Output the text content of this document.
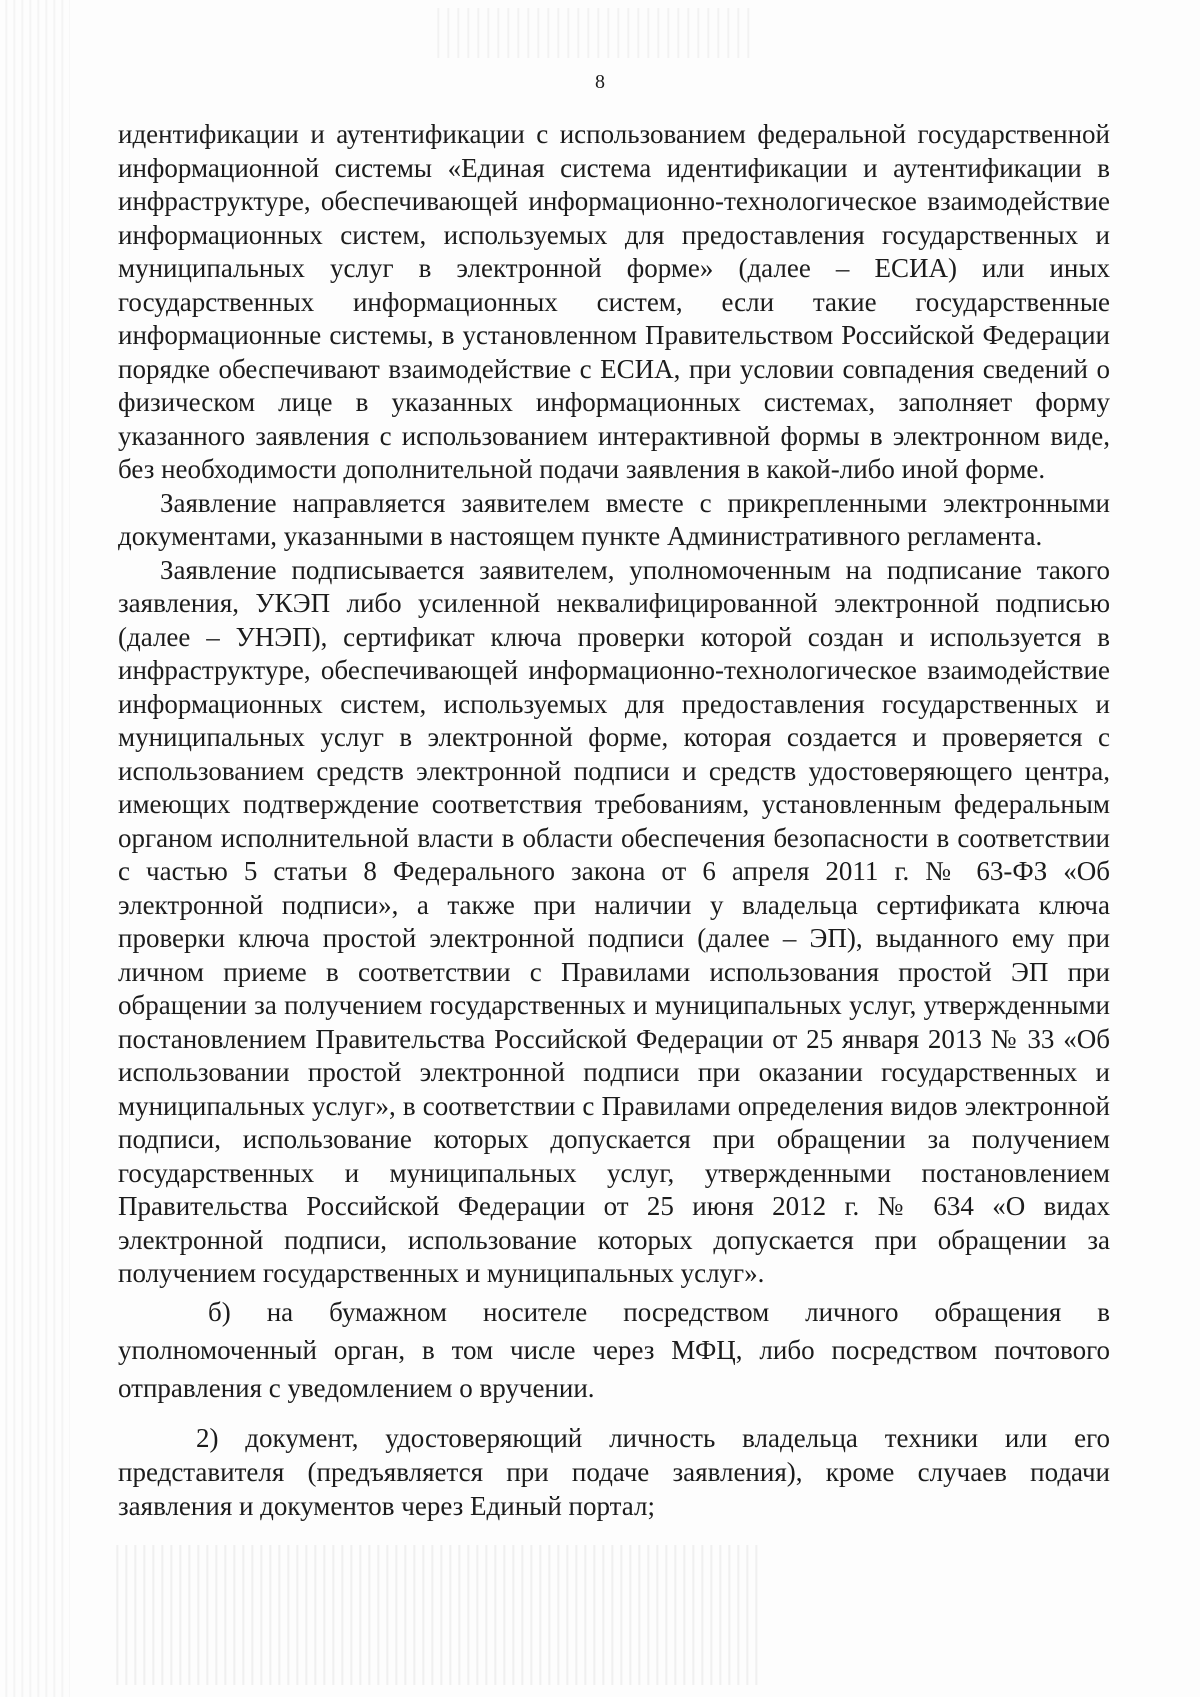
8

идентификации и аутентификации с использованием федеральной государственной информационной системы «Единая система идентификации и аутентификации в инфраструктуре, обеспечивающей информационно-технологическое взаимодействие информационных систем, используемых для предоставления государственных и муниципальных услуг в электронной форме» (далее – ЕСИА) или иных государственных информационных систем, если такие государственные информационные системы, в установленном Правительством Российской Федерации порядке обеспечивают взаимодействие с ЕСИА, при условии совпадения сведений о физическом лице в указанных информационных системах, заполняет форму указанного заявления с использованием интерактивной формы в электронном виде, без необходимости дополнительной подачи заявления в какой-либо иной форме.

Заявление направляется заявителем вместе с прикрепленными электронными документами, указанными в настоящем пункте Административного регламента.

Заявление подписывается заявителем, уполномоченным на подписание такого заявления, УКЭП либо усиленной неквалифицированной электронной подписью (далее – УНЭП), сертификат ключа проверки которой создан и используется в инфраструктуре, обеспечивающей информационно-технологическое взаимодействие информационных систем, используемых для предоставления государственных и муниципальных услуг в электронной форме, которая создается и проверяется с использованием средств электронной подписи и средств удостоверяющего центра, имеющих подтверждение соответствия требованиям, установленным федеральным органом исполнительной власти в области обеспечения безопасности в соответствии с частью 5 статьи 8 Федерального закона от 6 апреля 2011 г. № 63-ФЗ «Об электронной подписи», а также при наличии у владельца сертификата ключа проверки ключа простой электронной подписи (далее – ЭП), выданного ему при личном приеме в соответствии с Правилами использования простой ЭП при обращении за получением государственных и муниципальных услуг, утвержденными постановлением Правительства Российской Федерации от 25 января 2013 № 33 «Об использовании простой электронной подписи при оказании государственных и муниципальных услуг», в соответствии с Правилами определения видов электронной подписи, использование которых допускается при обращении за получением государственных и муниципальных услуг, утвержденными постановлением Правительства Российской Федерации от 25 июня 2012 г. № 634 «О видах электронной подписи, использование которых допускается при обращении за получением государственных и муниципальных услуг».

б) на бумажном носителе посредством личного обращения в уполномоченный орган, в том числе через МФЦ, либо посредством почтового отправления с уведомлением о вручении.

2) документ, удостоверяющий личность владельца техники или его представителя (предъявляется при подаче заявления), кроме случаев подачи заявления и документов через Единый портал;
